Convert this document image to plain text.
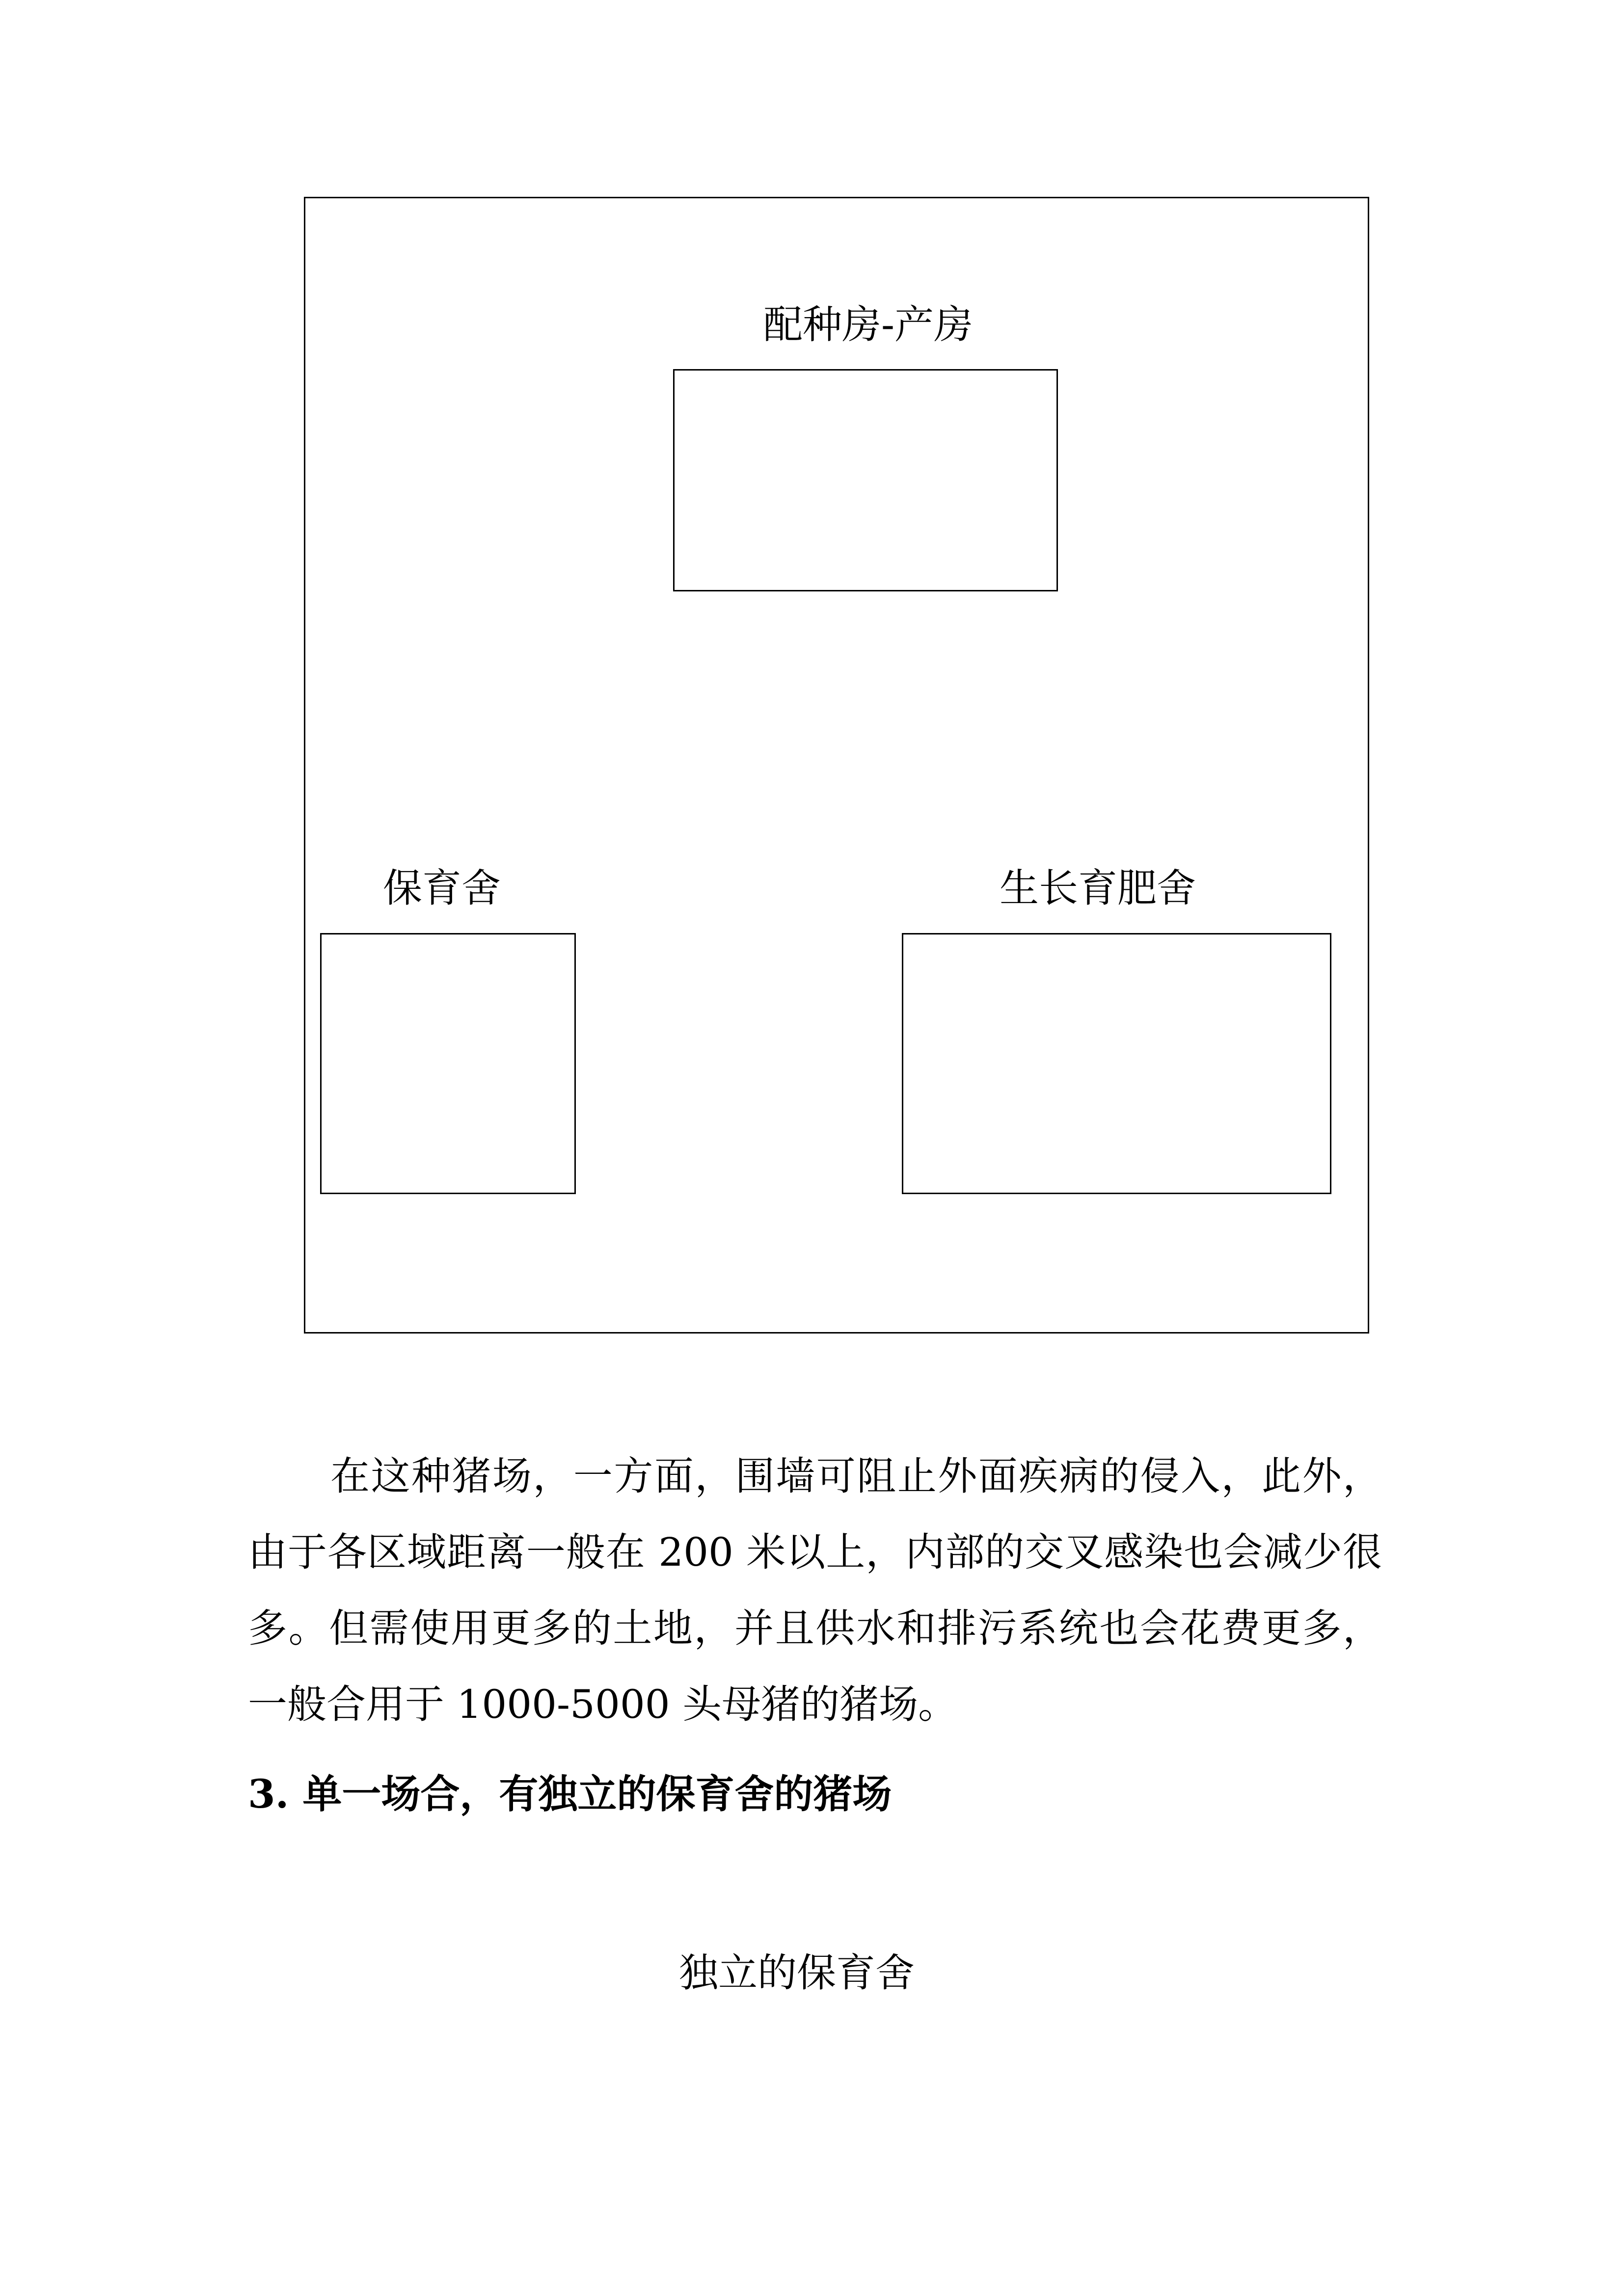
配种房-产房
保育舍	生长育肥舍
在这种猪场，一方面，围墙可阻止外面疾病的侵入，此外，由于各区域距离一般在 200 米以上，内部的交叉感染也会减少很多。但需使用更多的土地，并且供水和排污系统也会花费更多，一般合用于 1000-5000 头母猪的猪场。
3. 单一场合，有独立的保育舍的猪场
独立的保育舍
